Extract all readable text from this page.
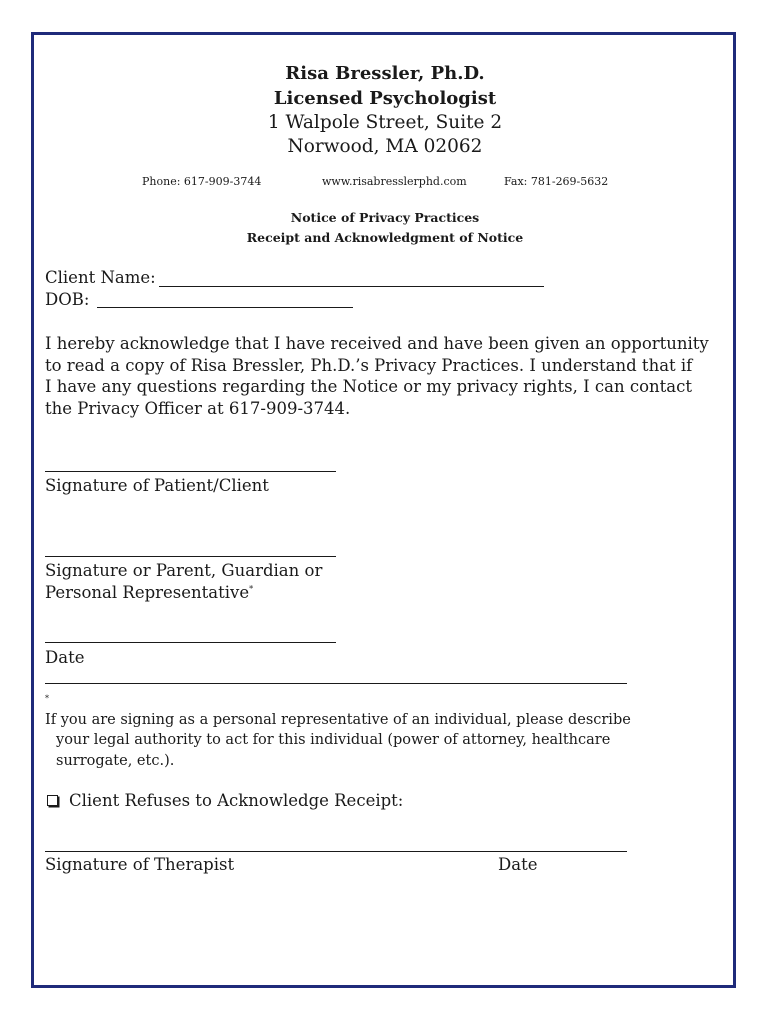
Risa Bressler, Ph.D.
Licensed Psychologist
1 Walpole Street, Suite 2
Norwood, MA 02062
Phone: 617-909-3744	www.risabresslerphd.com	Fax: 781-269-5632
Notice of Privacy Practices
Receipt and Acknowledgment of Notice
Client Name:
DOB:
I hereby acknowledge that I have received and have been given an opportunity
to read a copy of Risa Bressler, Ph.D.’s Privacy Practices. I understand that if
I have any questions regarding the Notice or my privacy rights, I can contact
the Privacy Officer at 617-909-3744.
Signature of Patient/Client
Signature or Parent, Guardian or
Personal Representative*
Date
*
If you are signing as a personal representative of an individual, please describe
your legal authority to act for this individual (power of attorney, healthcare
surrogate, etc.).
Client Refuses to Acknowledge Receipt:
Signature of Therapist	Date
